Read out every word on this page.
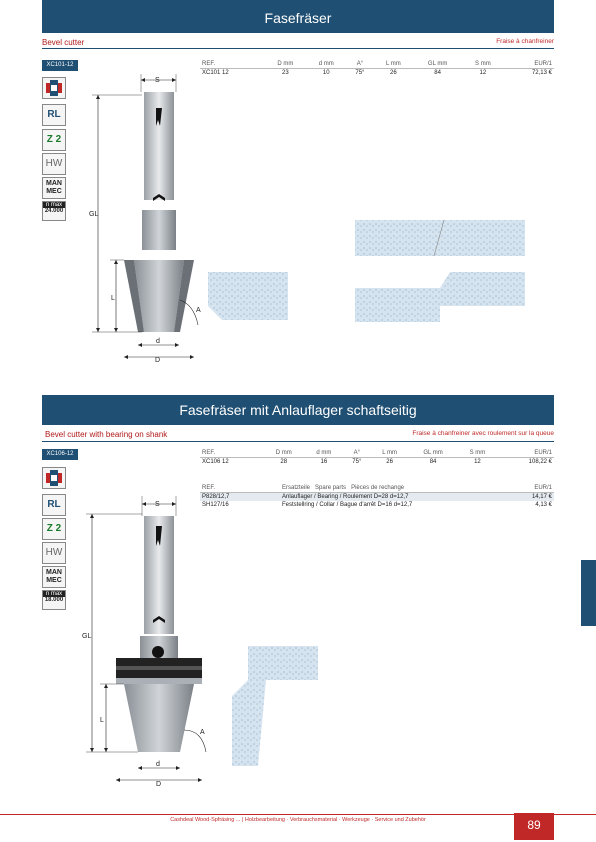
Fasefräser
Bevel cutter	Fraise à chanfreiner
XC101-12
RL
Z 2
HW
MAN
MEC
n max
24.000
REF.	D mm	d mm	A°	L mm	GL mm	S mm	EUR/1
XC101 12	23	10	75°	26	84	12	72,13 €
S
GL
L
A
d
D
Fasefräser mit Anlauflager schaftseitig
Bevel cutter with bearing on shank	Fraise à chanfreiner avec roulement sur la queue
XC106-12
RL
Z 2
HW
MAN
MEC
n max
18.000
REF.	D mm	d mm	A°	L mm	GL mm	S mm	EUR/1
XC106 12	28	16	75°	26	84	12	108,22 €
REF.	Ersatzteile Spare parts Pièces de rechange	EUR/1
P828/12,7	Anlauflager / Bearing / Roulement D=28 d=12,7	14,17 €
SH127/16	Feststellring / Collar / Bague d'arrêt D=16 d=12,7	4,13 €
S
GL
L
A
d
D
Cashdeal Wood-Spfräsing ... | Holzbearbeitung · Verbrauchsmaterial · Werkzeuge · Service und Zubehör	89
